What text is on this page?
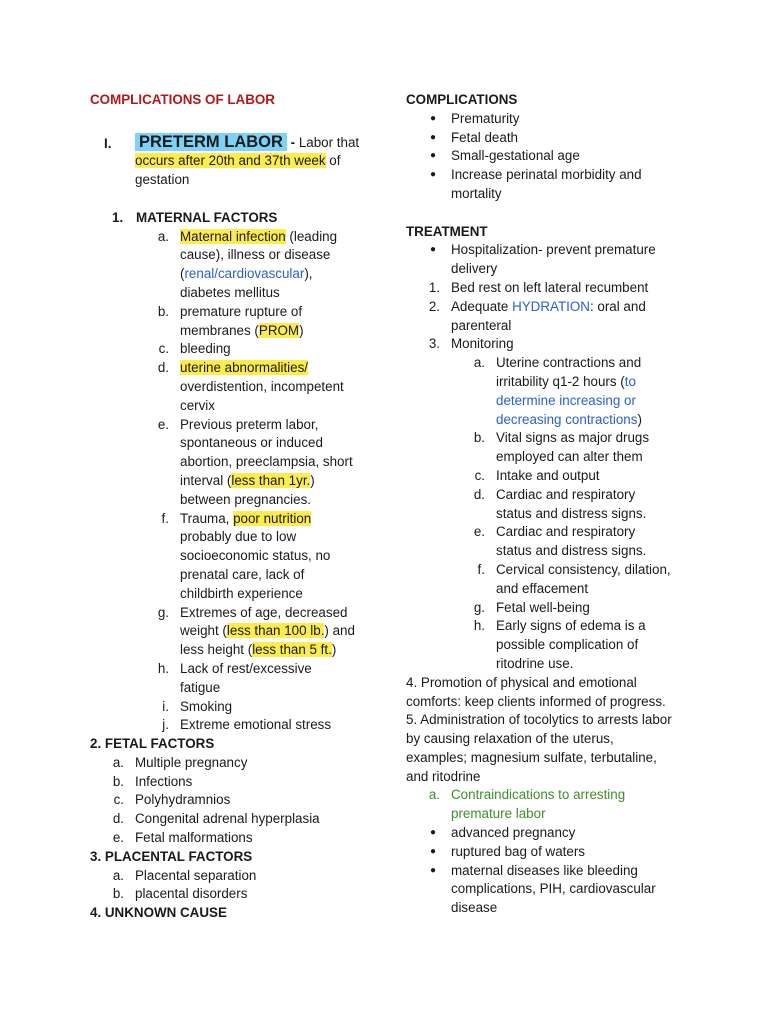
COMPLICATIONS OF LABOR
I.	PRETERM LABOR - Labor that occurs after 20th and 37th week of gestation
1. MATERNAL FACTORS
a. Maternal infection (leading cause), illness or disease (renal/cardiovascular), diabetes mellitus
b. premature rupture of membranes (PROM)
c. bleeding
d. uterine abnormalities/ overdistention, incompetent cervix
e. Previous preterm labor, spontaneous or induced abortion, preeclampsia, short interval (less than 1yr.) between pregnancies.
f. Trauma, poor nutrition probably due to low socioeconomic status, no prenatal care, lack of childbirth experience
g. Extremes of age, decreased weight (less than 100 lb.) and less height (less than 5 ft.)
h. Lack of rest/excessive fatigue
i. Smoking
j. Extreme emotional stress
2. FETAL FACTORS
a. Multiple pregnancy
b. Infections
c. Polyhydramnios
d. Congenital adrenal hyperplasia
e. Fetal malformations
3. PLACENTAL FACTORS
a. Placental separation
b. placental disorders
4. UNKNOWN CAUSE
COMPLICATIONS
● Prematurity
● Fetal death
● Small-gestational age
● Increase perinatal morbidity and mortality
TREATMENT
● Hospitalization- prevent premature delivery
1. Bed rest on left lateral recumbent
2. Adequate HYDRATION: oral and parenteral
3. Monitoring
a. Uterine contractions and irritability q1-2 hours (to determine increasing or decreasing contractions)
b. Vital signs as major drugs employed can alter them
c. Intake and output
d. Cardiac and respiratory status and distress signs.
e. Cardiac and respiratory status and distress signs.
f. Cervical consistency, dilation, and effacement
g. Fetal well-being
h. Early signs of edema is a possible complication of ritodrine use.
4. Promotion of physical and emotional comforts: keep clients informed of progress.
5. Administration of tocolytics to arrests labor by causing relaxation of the uterus, examples; magnesium sulfate, terbutaline, and ritodrine
a. Contraindications to arresting premature labor
● advanced pregnancy
● ruptured bag of waters
● maternal diseases like bleeding complications, PIH, cardiovascular disease
